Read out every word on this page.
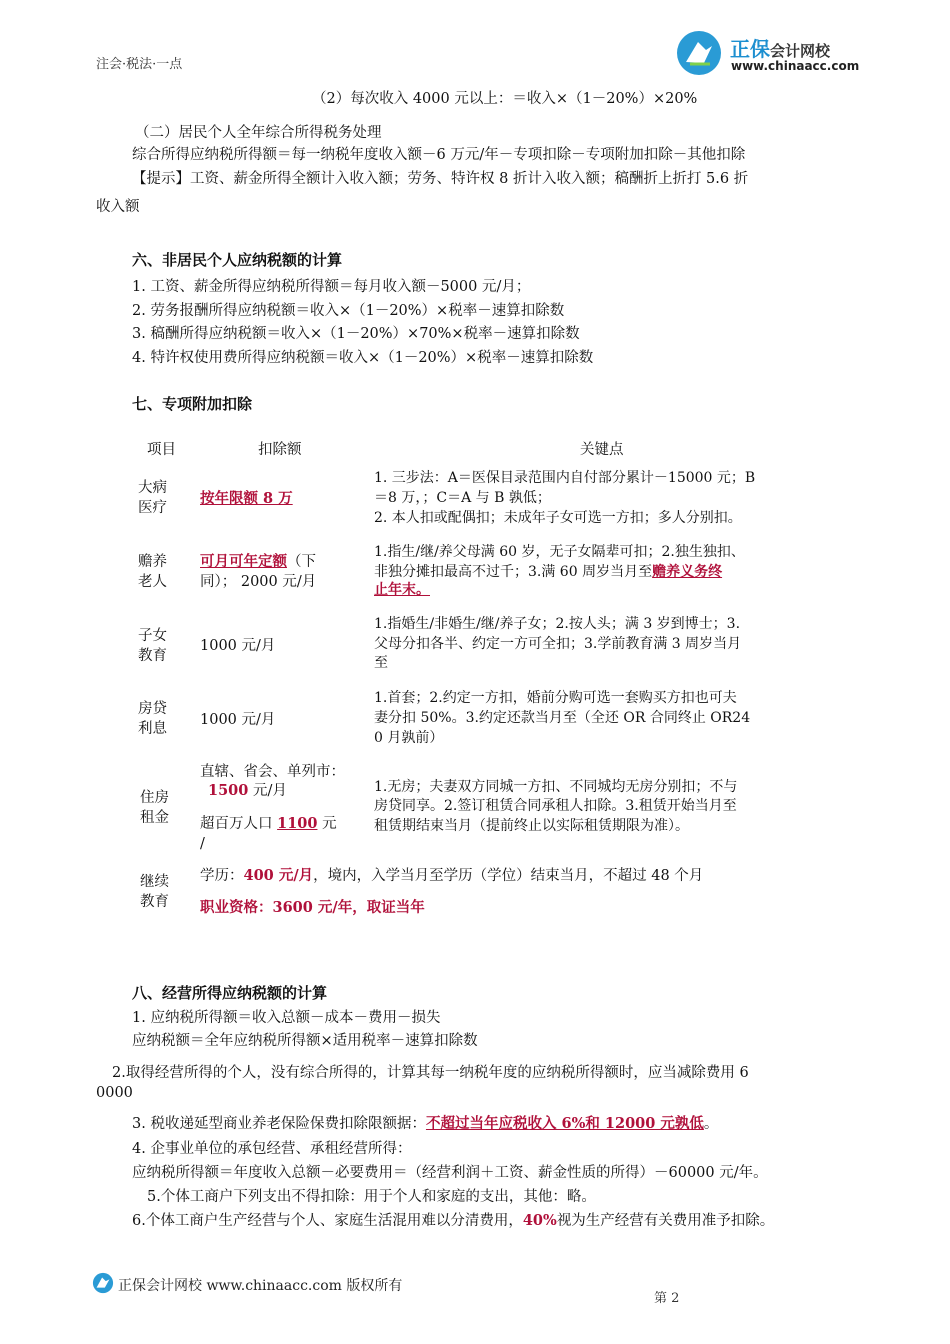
注会·税法·一点
正保会计网校
www.chinaacc.com
（2）每次收入 4000 元以上：＝收入×（1－20%）×20%
（二）居民个人全年综合所得税务处理
综合所得应纳税所得额＝每一纳税年度收入额－6 万元/年－专项扣除－专项附加扣除－其他扣除
【提示】工资、薪金所得全额计入收入额；劳务、特许权 8 折计入收入额；稿酬折上折打 5.6 折
收入额
六、非居民个人应纳税额的计算
1. 工资、薪金所得应纳税所得额＝每月收入额－5000 元/月；
2. 劳务报酬所得应纳税额＝收入×（1－20%）×税率－速算扣除数
3. 稿酬所得应纳税额＝收入×（1－20%）×70%×税率－速算扣除数
4. 特许权使用费所得应纳税额＝收入×（1－20%）×税率－速算扣除数
七、专项附加扣除
项目	扣除额	关键点
大病医疗
按年限额 8 万
1. 三步法：A＝医保目录范围内自付部分累计－15000 元；B
＝8 万，；C＝A 与 B 孰低；
2. 本人扣或配偶扣；未成年子女可选一方扣；多人分别扣。
赡养老人
可月可年定额（下
同）； 2000 元/月
1.指生/继/养父母满 60 岁，无子女隔辈可扣；2.独生独扣、
非独分摊扣最高不过千；3.满 60 周岁当月至赡养义务终
止年末。
子女教育
1000 元/月
1.指婚生/非婚生/继/养子女；2.按人头；满 3 岁到博士；3.
父母分扣各半、约定一方可全扣；3.学前教育满 3 周岁当月
至
房贷利息
1000 元/月
1.首套；2.约定一方扣，婚前分购可选一套购买方扣也可夫
妻分扣 50%。3.约定还款当月至（全还 OR 合同终止 OR24
0 月孰前）
住房租金
直辖、省会、单列市：
1500 元/月
超百万人口 1100 元
/
1.无房；夫妻双方同城一方扣、不同城均无房分别扣；不与
房贷同享。2.签订租赁合同承租人扣除。3.租赁开始当月至
租赁期结束当月（提前终止以实际租赁期限为准）。
继续教育
学历：400 元/月，境内，入学当月至学历（学位）结束当月，不超过 48 个月
职业资格：3600 元/年，取证当年
八、经营所得应纳税额的计算
1. 应纳税所得额＝收入总额－成本－费用－损失
应纳税额＝全年应纳税所得额×适用税率－速算扣除数
2.取得经营所得的个人，没有综合所得的，计算其每一纳税年度的应纳税所得额时，应当减除费用 6
0000
3. 税收递延型商业养老保险保费扣除限额据：不超过当年应税收入 6%和 12000 元孰低。
4. 企事业单位的承包经营、承租经营所得：
应纳税所得额＝年度收入总额－必要费用＝（经营利润＋工资、薪金性质的所得）－60000 元/年。
5.个体工商户下列支出不得扣除：用于个人和家庭的支出，其他：略。
6.个体工商户生产经营与个人、家庭生活混用难以分清费用，40%视为生产经营有关费用准予扣除。
正保会计网校 www.chinaacc.com 版权所有
第 2
